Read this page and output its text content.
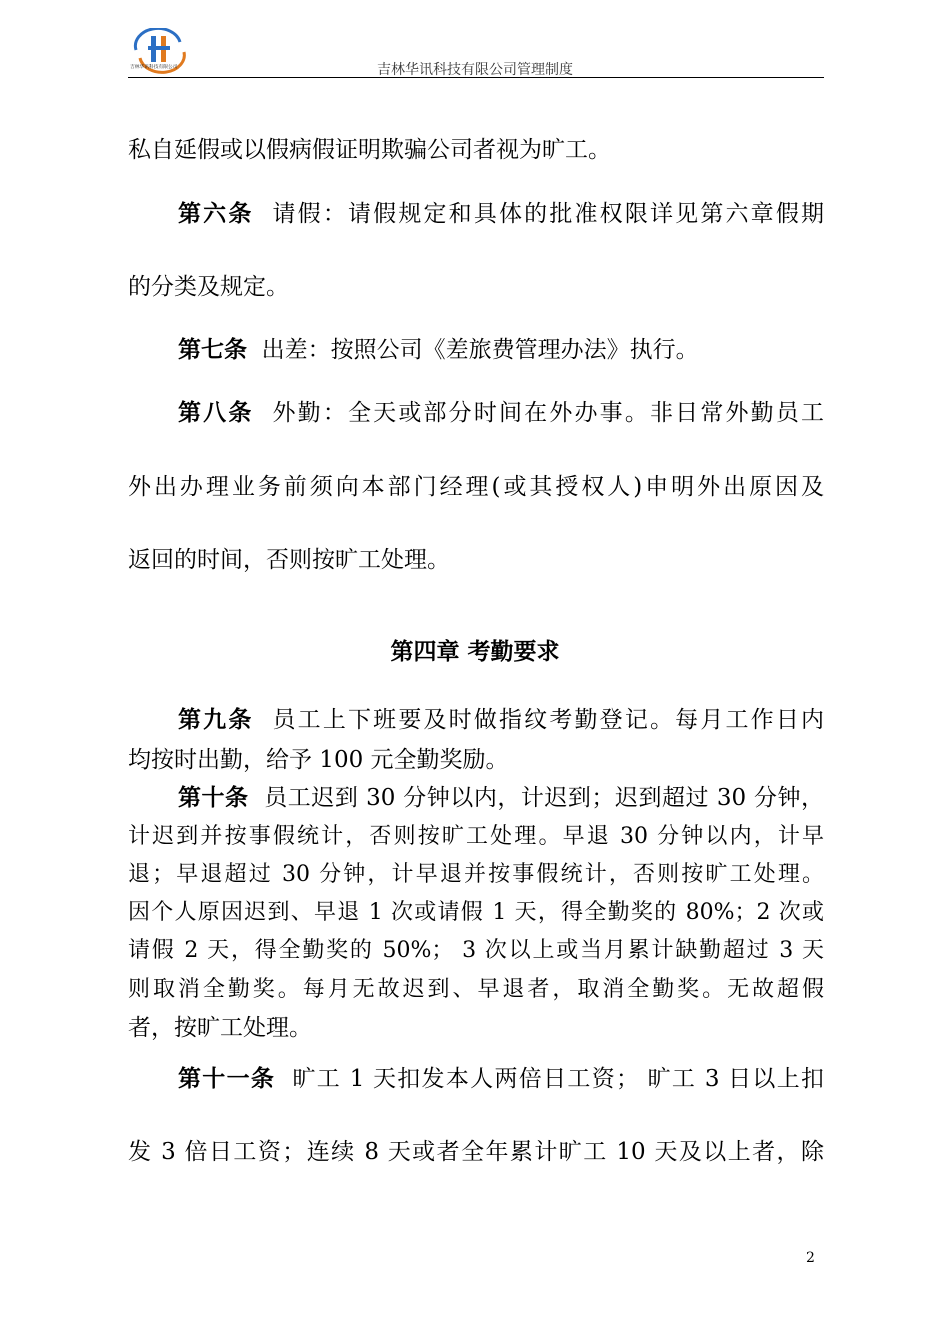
吉林华讯科技有限公司	吉林华讯科技有限公司管理制度
私自延假或以假病假证明欺骗公司者视为旷工。
第六条 请假：请假规定和具体的批准权限详见第六章假期
的分类及规定。
第七条 出差：按照公司《差旅费管理办法》执行。
第八条 外勤：全天或部分时间在外办事。非日常外勤员工
外出办理业务前须向本部门经理(或其授权人)申明外出原因及
返回的时间，否则按旷工处理。
第四章 考勤要求
第九条 员工上下班要及时做指纹考勤登记。每月工作日内
均按时出勤，给予 100 元全勤奖励。
第十条 员工迟到 30 分钟以内，计迟到；迟到超过 30 分钟，
计迟到并按事假统计，否则按旷工处理。早退 30 分钟以内，计早
退；早退超过 30 分钟，计早退并按事假统计，否则按旷工处理。
因个人原因迟到、早退 1 次或请假 1 天，得全勤奖的 80%；2 次或
请假 2 天，得全勤奖的 50%； 3 次以上或当月累计缺勤超过 3 天
则取消全勤奖。每月无故迟到、早退者，取消全勤奖。无故超假
者，按旷工处理。
第十一条 旷工 1 天扣发本人两倍日工资； 旷工 3 日以上扣
发 3 倍日工资；连续 8 天或者全年累计旷工 10 天及以上者，除
2
